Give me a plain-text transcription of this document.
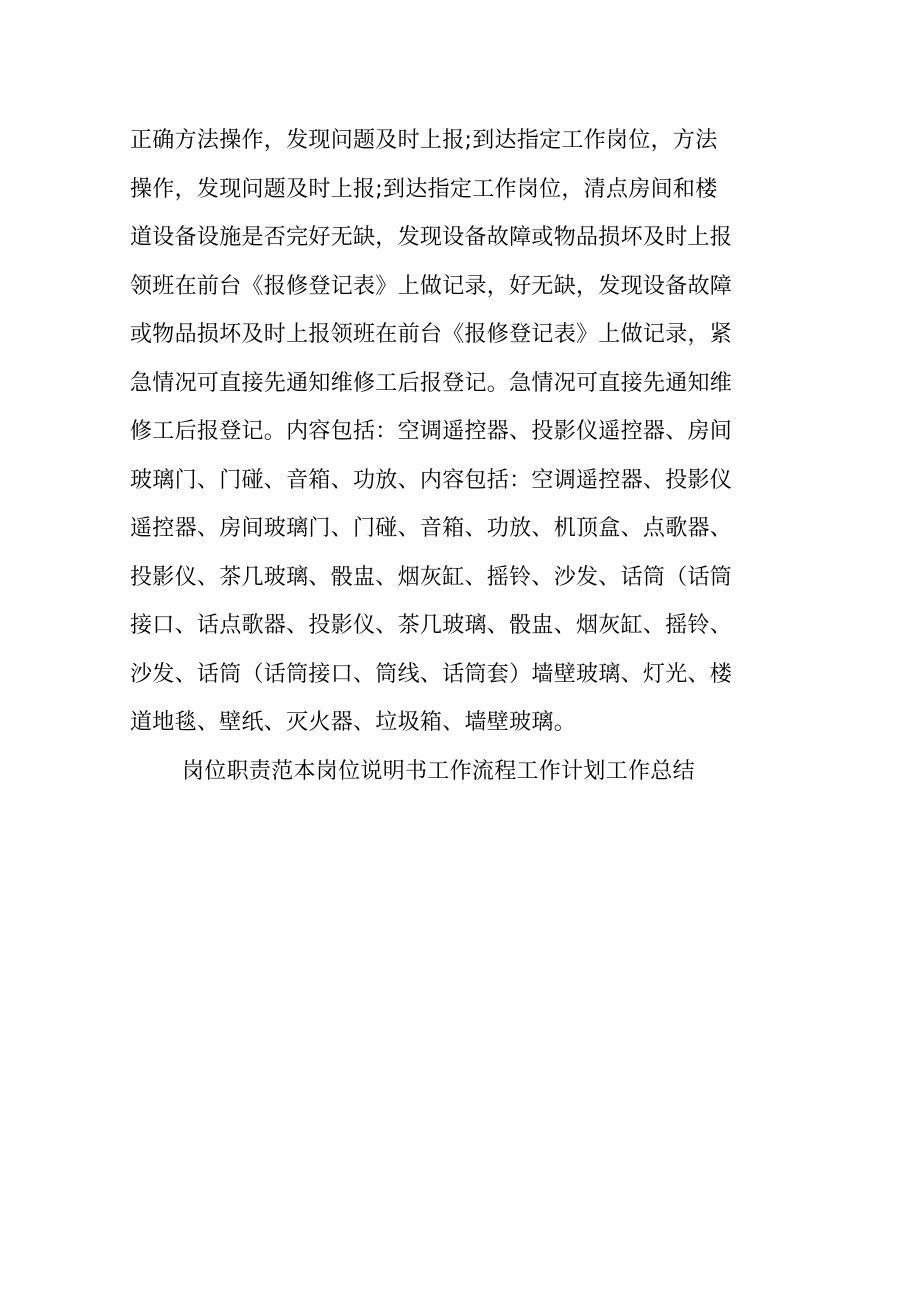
正确方法操作，发现问题及时上报;到达指定工作岗位，方法
操作，发现问题及时上报;到达指定工作岗位，清点房间和楼
道设备设施是否完好无缺，发现设备故障或物品损坏及时上报
领班在前台《报修登记表》上做记录，好无缺，发现设备故障
或物品损坏及时上报领班在前台《报修登记表》上做记录，紧
急情况可直接先通知维修工后报登记。急情况可直接先通知维
修工后报登记。内容包括：空调遥控器、投影仪遥控器、房间
玻璃门、门碰、音箱、功放、内容包括：空调遥控器、投影仪
遥控器、房间玻璃门、门碰、音箱、功放、机顶盒、点歌器、
投影仪、茶几玻璃、骰盅、烟灰缸、摇铃、沙发、话筒（话筒
接口、话点歌器、投影仪、茶几玻璃、骰盅、烟灰缸、摇铃、
沙发、话筒（话筒接口、筒线、话筒套）墙壁玻璃、灯光、楼
道地毯、壁纸、灭火器、垃圾箱、墙壁玻璃。
岗位职责范本岗位说明书工作流程工作计划工作总结
